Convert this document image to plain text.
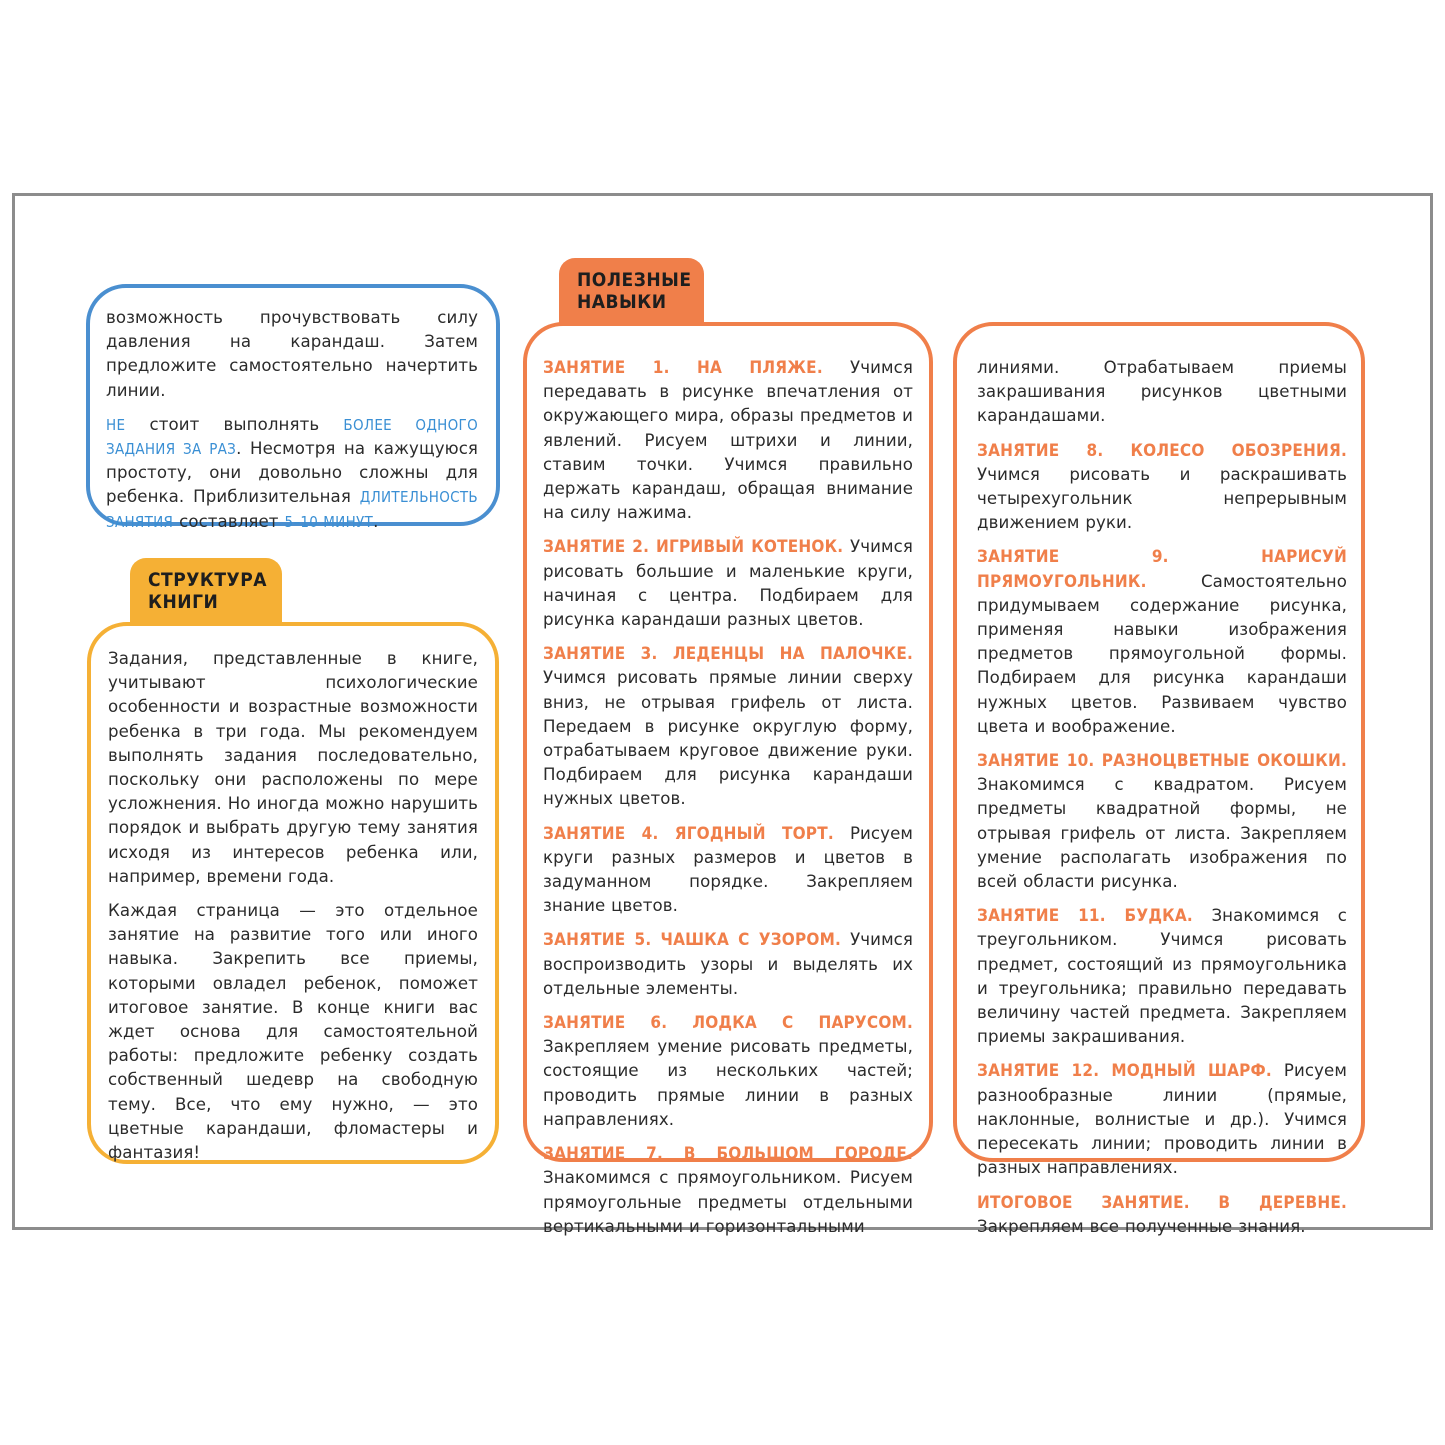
возможность прочувствовать силу давления на карандаш. Затем предложите самостоятельно начертить линии.

НЕ стоит выполнять БОЛЕЕ ОДНОГО ЗАДАНИЯ ЗА РАЗ. Несмотря на кажущуюся простоту, они довольно сложны для ребенка. Приблизительная ДЛИТЕЛЬНОСТЬ ЗАНЯТИЯ составляет 5–10 МИНУТ.

СТРУКТУРА
КНИГИ

Задания, представленные в книге, учитывают психологические особенности и возрастные возможности ребенка в три года. Мы рекомендуем выполнять задания последовательно, поскольку они расположены по мере усложнения. Но иногда можно нарушить порядок и выбрать другую тему занятия исходя из интересов ребенка или, например, времени года.

Каждая страница — это отдельное занятие на развитие того или иного навыка. Закрепить все приемы, которыми овладел ребенок, поможет итоговое занятие. В конце книги вас ждет основа для самостоятельной работы: предложите ребенку создать собственный шедевр на свободную тему. Все, что ему нужно, — это цветные карандаши, фломастеры и фантазия!

ПОЛЕЗНЫЕ
НАВЫКИ

ЗАНЯТИЕ 1. НА ПЛЯЖЕ. Учимся передавать в рисунке впечатления от окружающего мира, образы предметов и явлений. Рисуем штрихи и линии, ставим точки. Учимся правильно держать карандаш, обращая внимание на силу нажима.

ЗАНЯТИЕ 2. ИГРИВЫЙ КОТЕНОК. Учимся рисовать большие и маленькие круги, начиная с центра. Подбираем для рисунка карандаши разных цветов.

ЗАНЯТИЕ 3. ЛЕДЕНЦЫ НА ПАЛОЧКЕ. Учимся рисовать прямые линии сверху вниз, не отрывая грифель от листа. Передаем в рисунке округлую форму, отрабатываем круговое движение руки. Подбираем для рисунка карандаши нужных цветов.

ЗАНЯТИЕ 4. ЯГОДНЫЙ ТОРТ. Рисуем круги разных размеров и цветов в задуманном порядке. Закрепляем знание цветов.

ЗАНЯТИЕ 5. ЧАШКА С УЗОРОМ. Учимся воспроизводить узоры и выделять их отдельные элементы.

ЗАНЯТИЕ 6. ЛОДКА С ПАРУСОМ. Закрепляем умение рисовать предметы, состоящие из нескольких частей; проводить прямые линии в разных направлениях.

ЗАНЯТИЕ 7. В БОЛЬШОМ ГОРОДЕ. Знакомимся с прямоугольником. Рисуем прямоугольные предметы отдельными вертикальными и горизонтальными

линиями. Отрабатываем приемы закрашивания рисунков цветными карандашами.

ЗАНЯТИЕ 8. КОЛЕСО ОБОЗРЕНИЯ. Учимся рисовать и раскрашивать четырехугольник непрерывным движением руки.

ЗАНЯТИЕ 9. НАРИСУЙ ПРЯМОУГОЛЬНИК. Самостоятельно придумываем содержание рисунка, применяя навыки изображения предметов прямоугольной формы. Подбираем для рисунка карандаши нужных цветов. Развиваем чувство цвета и воображение.

ЗАНЯТИЕ 10. РАЗНОЦВЕТНЫЕ ОКОШКИ. Знакомимся с квадратом. Рисуем предметы квадратной формы, не отрывая грифель от листа. Закрепляем умение располагать изображения по всей области рисунка.

ЗАНЯТИЕ 11. БУДКА. Знакомимся с треугольником. Учимся рисовать предмет, состоящий из прямоугольника и треугольника; правильно передавать величину частей предмета. Закрепляем приемы закрашивания.

ЗАНЯТИЕ 12. МОДНЫЙ ШАРФ. Рисуем разнообразные линии (прямые, наклонные, волнистые и др.). Учимся пересекать линии; проводить линии в разных направлениях.

ИТОГОВОЕ ЗАНЯТИЕ. В ДЕРЕВНЕ. Закрепляем все полученные знания.
